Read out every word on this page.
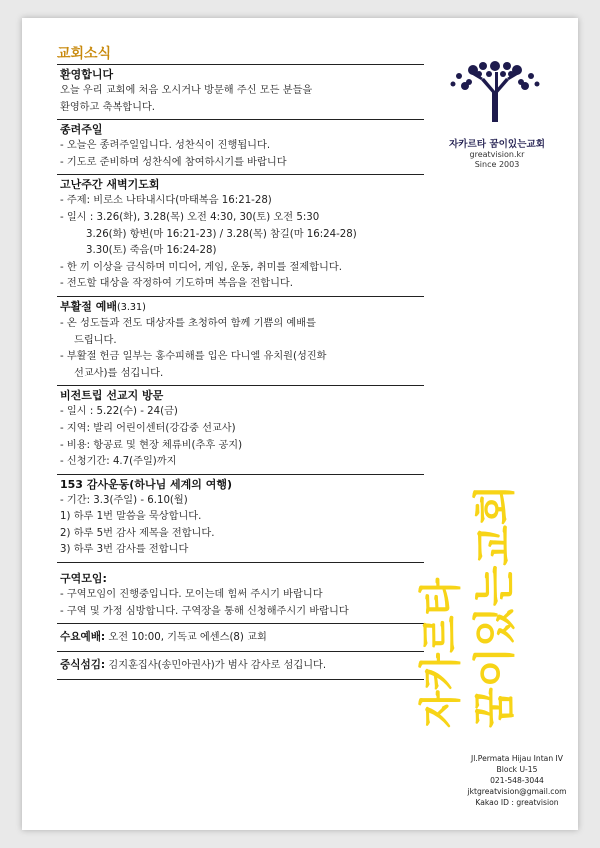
교회소식
환영합니다
오늘 우리 교회에 처음 오시거나 방문해 주신 모든 분들을
환영하고 축복합니다.
종려주일
- 오늘은 종려주일입니다. 성찬식이 진행됩니다.
- 기도로 준비하며 성찬식에 참여하시기를 바랍니다
고난주간 새벽기도회
- 주제: 비로소 나타내시다(마태복음 16:21-28)
- 일시 : 3.26(화), 3.28(목) 오전 4:30, 30(토) 오전 5:30
3.26(화) 항변(마 16:21-23) / 3.28(목) 참길(마 16:24-28)
3.30(토) 죽음(마 16:24-28)
- 한 끼 이상을 금식하며 미디어, 게임, 운동, 취미를 절제합니다.
- 전도할 대상을 작정하여 기도하며 복음을 전합니다.
부활절 예배(3.31)
- 온 성도들과 전도 대상자를 초청하여 함께 기쁨의 예배를
드립니다.
- 부활절 헌금 일부는 홍수피해를 입은 다니엘 유치원(성진화
선교사)를 섬깁니다.
비전트립 선교지 방문
- 일시 : 5.22(수) - 24(금)
- 지역: 발리 어린이센터(강갑중 선교사)
- 비용: 항공료 및 현장 체류비(추후 공지)
- 신청기간: 4.7(주일)까지
153 감사운동(하나님 세계의 여행)
- 기간: 3.3(주일) - 6.10(월)
1) 하루 1번 말씀을 묵상합니다.
2) 하루 5번 감사 제목을 전합니다.
3) 하루 3번 감사를 전합니다
구역모임:
- 구역모임이 진행중입니다. 모이는데 힘써 주시기 바랍니다
- 구역 및 가정 심방합니다. 구역장을 통해 신청해주시기 바랍니다
수요예배: 오전 10:00, 기독교 에센스(8) 교회
중식섬김: 김지훈집사(송민아권사)가 범사 감사로 섬깁니다.
자카르타 꿈이있는교회
greatvision.kr
Since 2003
자카르타 꿈이있는교회
Jl.Permata Hijau Intan IV
Block U-15
021-548-3044
jktgreatvision@gmail.com
Kakao ID : greatvision
